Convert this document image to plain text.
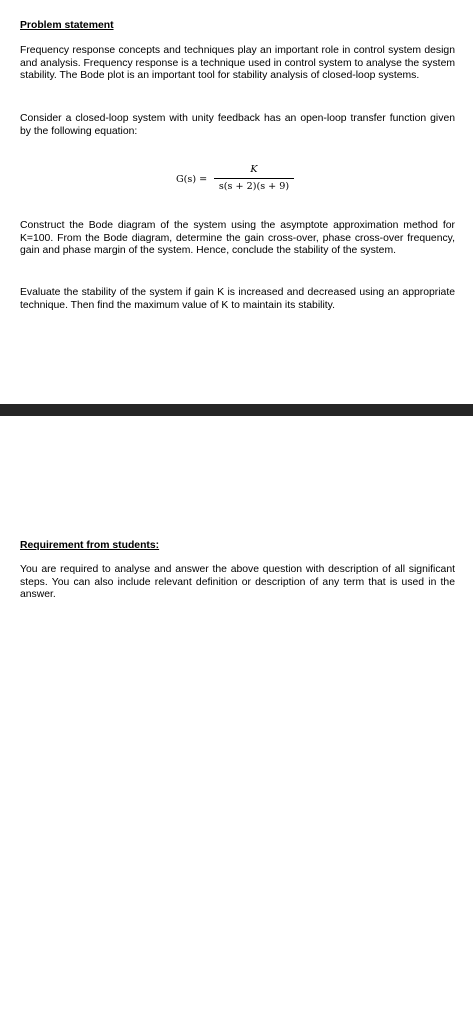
Problem statement

Frequency response concepts and techniques play an important role in control system design and analysis. Frequency response is a technique used in control system to analyse the system stability. The Bode plot is an important tool for stability analysis of closed-loop systems.

Consider a closed-loop system with unity feedback has an open-loop transfer function given by the following equation:

G(s) =
K
s(s + 2)(s + 9)

Construct the Bode diagram of the system using the asymptote approximation method for K=100. From the Bode diagram, determine the gain cross-over, phase cross-over frequency, gain and phase margin of the system. Hence, conclude the stability of the system.

Evaluate the stability of the system if gain K is increased and decreased using an appropriate technique. Then find the maximum value of K to maintain its stability.

Requirement from students:

You are required to analyse and answer the above question with description of all significant steps. You can also include relevant definition or description of any term that is used in the answer.
